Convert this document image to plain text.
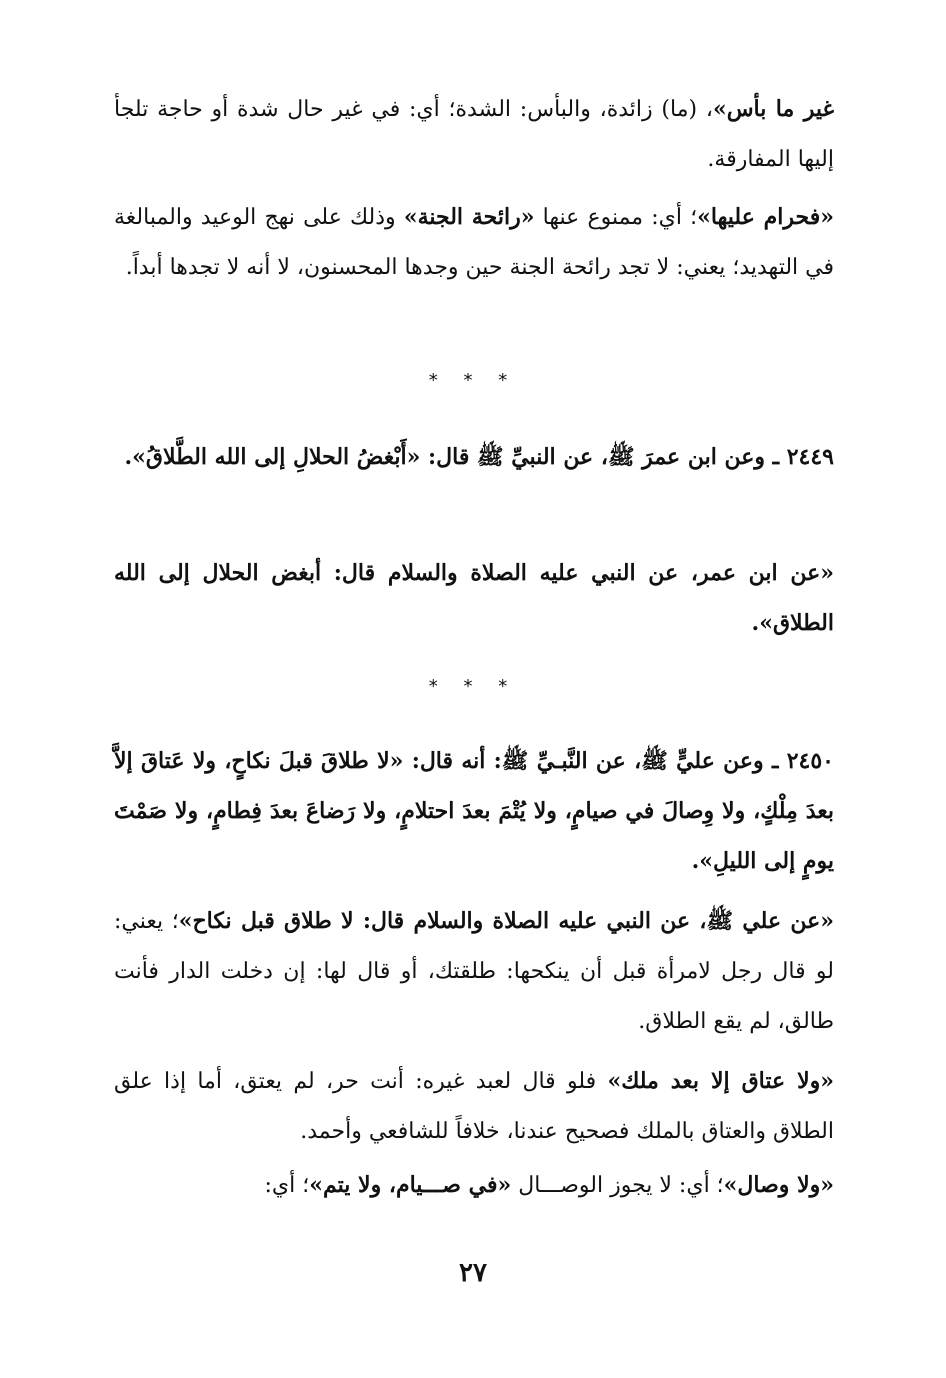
غير ما بأس»، (ما) زائدة، والبأس: الشدة؛ أي: في غير حال شدة أو حاجة تلجأ إليها المفارقة.

«فحرام عليها»؛ أي: ممنوع عنها «رائحة الجنة» وذلك على نهج الوعيد والمبالغة في التهديد؛ يعني: لا تجد رائحة الجنة حين وجدها المحسنون، لا أنه لا تجدها أبداً.

* * *

٢٤٤٩ ـ وعن ابن عمرَ ﷺ، عن النبيِّ ﷺ قال: «أَبْغضُ الحلالِ إلى الله الطَّلاقُ».

«عن ابن عمر، عن النبي عليه الصلاة والسلام قال: أبغض الحلال إلى الله الطلاق».

* * *

٢٤٥٠ ـ وعن عليٍّ ﷺ، عن النَّبـيِّ ﷺ: أنه قال: «لا طلاقَ قبلَ نكاحٍ، ولا عَتاقَ إلاَّ بعدَ مِلْكٍ، ولا وِصالَ في صيامٍ، ولا يُتْمَ بعدَ احتلامٍ، ولا رَضاعَ بعدَ فِطامٍ، ولا صَمْتَ يومٍ إلى الليلِ».

«عن علي ﷺ، عن النبي عليه الصلاة والسلام قال: لا طلاق قبل نكاح»؛ يعني: لو قال رجل لامرأة قبل أن ينكحها: طلقتك، أو قال لها: إن دخلت الدار فأنت طالق، لم يقع الطلاق.

«ولا عتاق إلا بعد ملك» فلو قال لعبد غيره: أنت حر، لم يعتق، أما إذا علق الطلاق والعتاق بالملك فصحيح عندنا، خلافاً للشافعي وأحمد.

«ولا وصال»؛ أي: لا يجوز الوصـــال «في صـــيام، ولا يتم»؛ أي:

٢٧
